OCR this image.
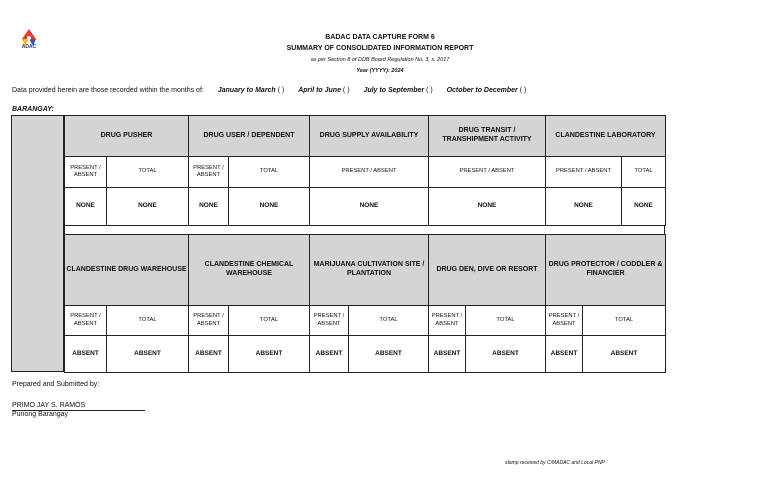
ADAC
BADAC DATA CAPTURE FORM 6
SUMMARY OF CONSOLIDATED INFORMATION REPORT
as per Section 8 of DDB Board Regulation No. 3, s. 2017
Year (YYYY): 2024
Data provided herein are those recorded within the months of: January to March ( ) April to June ( ) July to September ( ) October to December ( )
BARANGAY:
DRUG PUSHER		DRUG USER / DEPENDENT		DRUG SUPPLY AVAILABILITY	DRUG TRANSIT / TRANSHIPMENT ACTIVITY	CLANDESTINE LABORATORY	
PRESENT / ABSENT	TOTAL	PRESENT / ABSENT	TOTAL	PRESENT / ABSENT	PRESENT / ABSENT	PRESENT / ABSENT	TOTAL
NONE	NONE	NONE	NONE	NONE	NONE	NONE	NONE
CLANDESTINE DRUG WAREHOUSE		CLANDESTINE CHEMICAL WAREHOUSE		MARIJUANA CULTIVATION SITE / PLANTATION		DRUG DEN, DIVE OR RESORT		DRUG PROTECTOR / CODDLER & FINANCIER	
PRESENT / ABSENT	TOTAL	PRESENT / ABSENT	TOTAL	PRESENT / ABSENT	TOTAL	PRESENT / ABSENT	TOTAL	PRESENT / ABSENT	TOTAL
ABSENT	ABSENT	ABSENT	ABSENT	ABSENT	ABSENT	ABSENT	ABSENT	ABSENT	ABSENT
Prepared and Submitted by:
PRIMO JAY S. RAMOS
Punong Barangay
stamp received by C/MADAC and Local PNP
